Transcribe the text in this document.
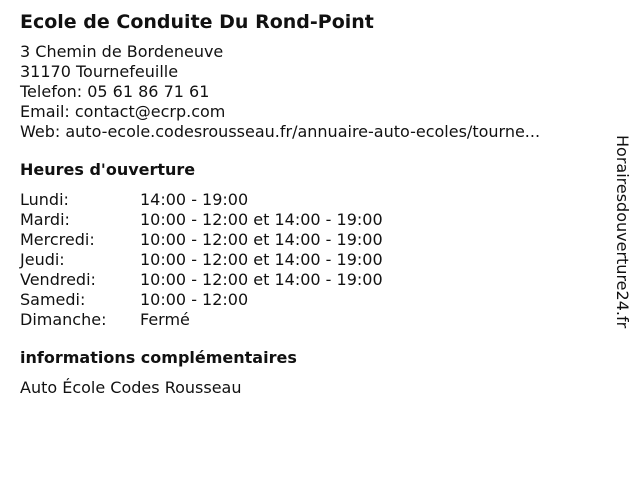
Ecole de Conduite Du Rond-Point
3 Chemin de Bordeneuve
31170 Tournefeuille
Telefon: 05 61 86 71 61
Email: contact@ecrp.com
Web: auto-ecole.codesrousseau.fr/annuaire-auto-ecoles/tourne...
Heures d'ouverture
Lundi:	14:00 - 19:00
Mardi:	10:00 - 12:00 et 14:00 - 19:00
Mercredi:	10:00 - 12:00 et 14:00 - 19:00
Jeudi:	10:00 - 12:00 et 14:00 - 19:00
Vendredi:	10:00 - 12:00 et 14:00 - 19:00
Samedi:	10:00 - 12:00
Dimanche:	Fermé
informations complémentaires
Auto École Codes Rousseau
Horairesdouverture24.fr
